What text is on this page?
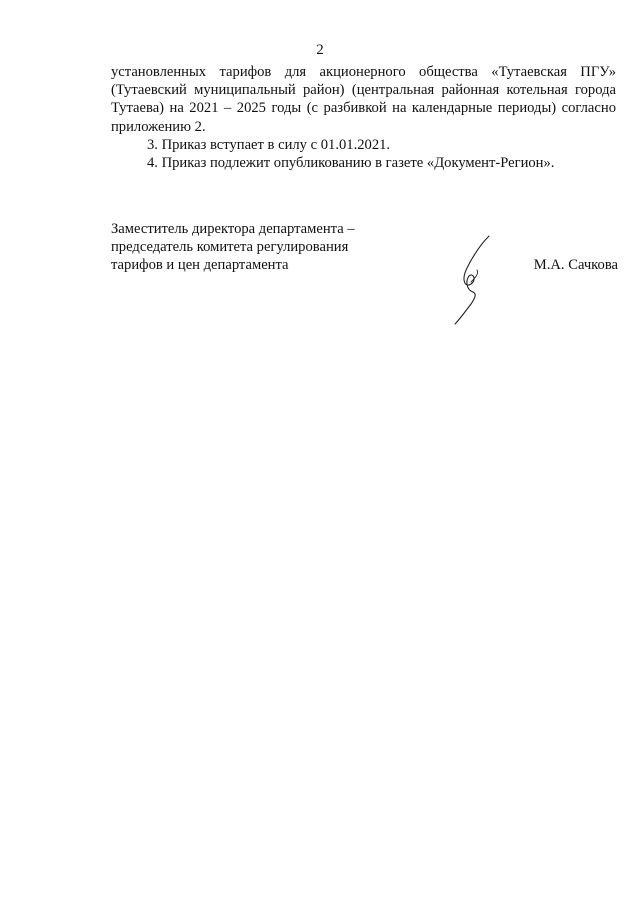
2

установленных тарифов для акционерного общества «Тутаевская ПГУ» (Тутаевский муниципальный район) (центральная районная котельная города Тутаева) на 2021 – 2025 годы (с разбивкой на календарные периоды) согласно приложению 2.

3. Приказ вступает в силу с 01.01.2021.

4. Приказ подлежит опубликованию в газете «Документ-Регион».

Заместитель директора департамента –
председатель комитета регулирования
тарифов и цен департамента	М.А. Сачкова
